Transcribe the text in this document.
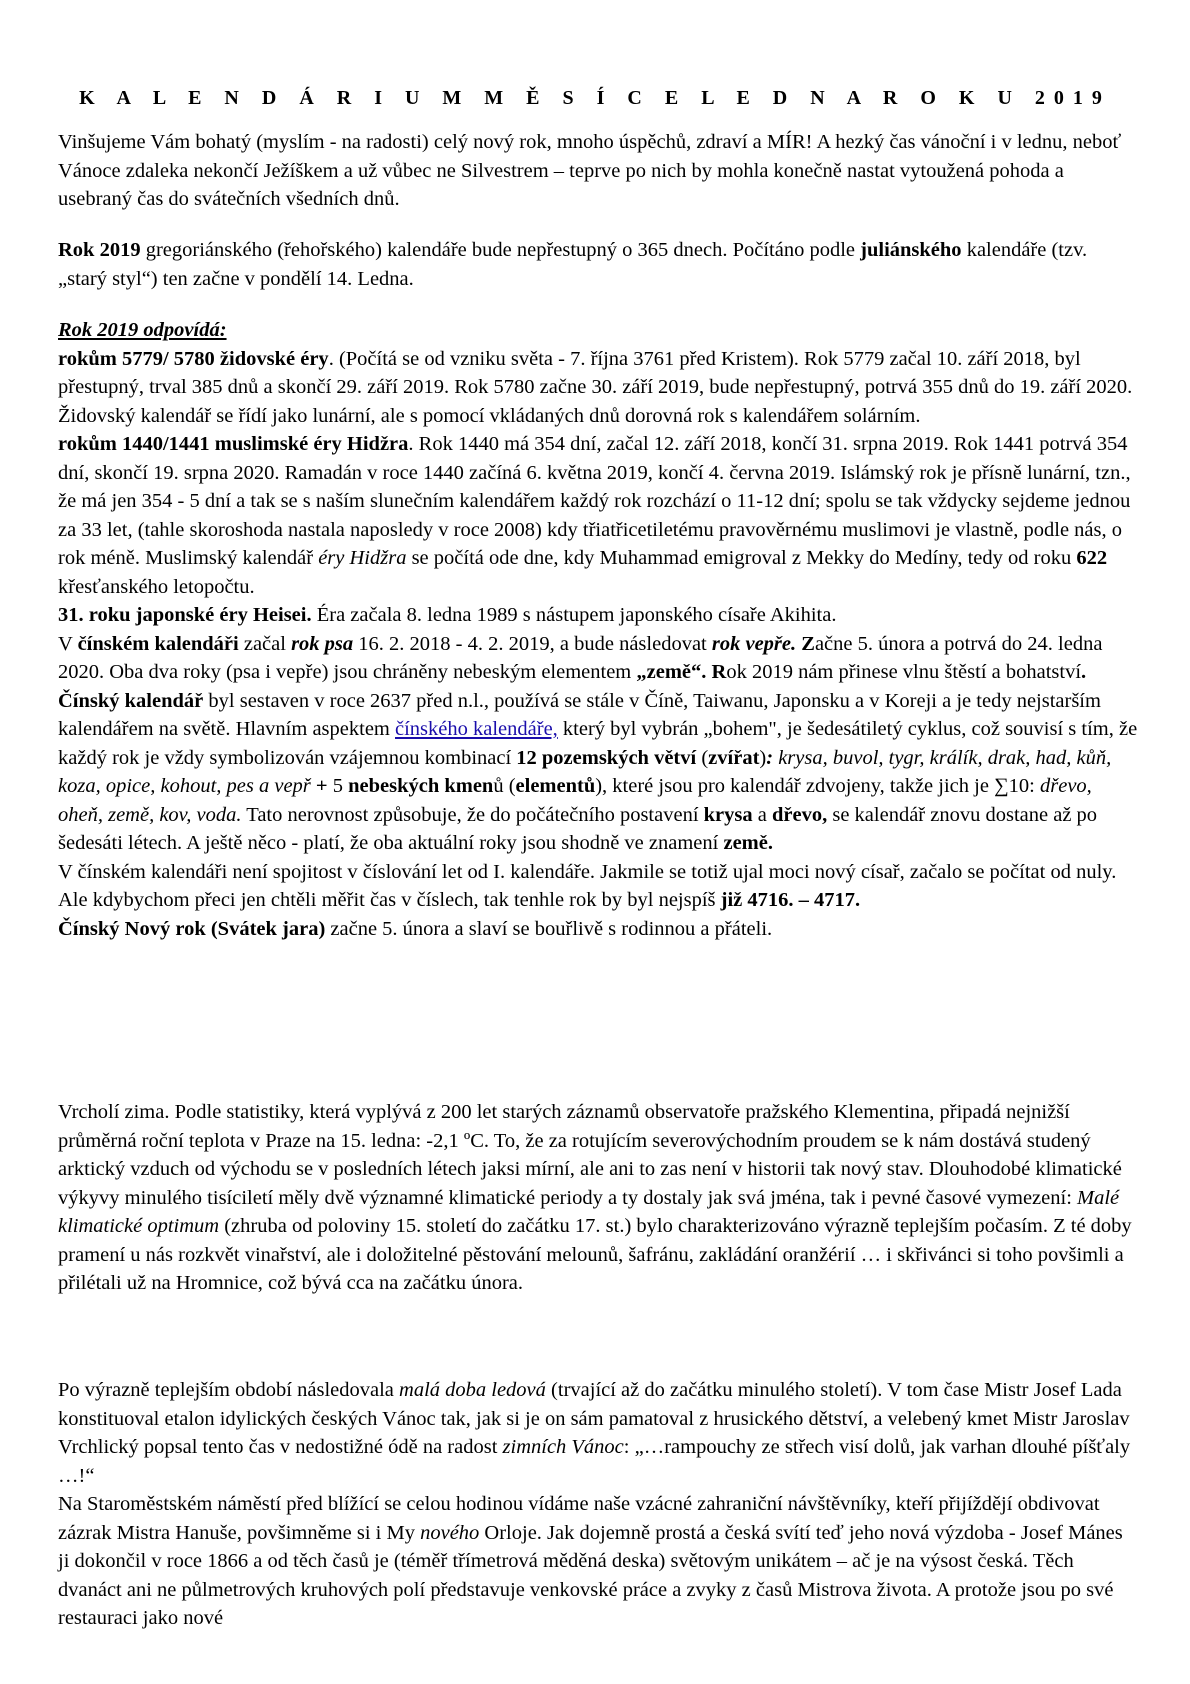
K A L E N D Á R I U M M Ě S Í C E L E D N A R O K U 2019

Vinšujeme Vám bohatý (myslím - na radosti) celý nový rok, mnoho úspěchů, zdraví a MÍR! A hezký čas vánoční i v lednu, neboť Vánoce zdaleka nekončí Ježíškem a už vůbec ne Silvestrem – teprve po nich by mohla konečně nastat vytoužená pohoda a usebraný čas do svátečních všedních dnů.

Rok 2019 gregoriánského (řehořského) kalendáře bude nepřestupný o 365 dnech. Počítáno podle juliánského kalendáře (tzv. „starý styl“) ten začne v pondělí 14. Ledna.

Rok 2019 odpovídá:

rokům 5779/ 5780 židovské éry. (Počítá se od vzniku světa - 7. října 3761 před Kristem). Rok 5779 začal 10. září 2018, byl přestupný, trval 385 dnů a skončí 29. září 2019. Rok 5780 začne 30. září 2019, bude nepřestupný, potrvá 355 dnů do 19. září 2020. Židovský kalendář se řídí jako lunární, ale s pomocí vkládaných dnů dorovná rok s kalendářem solárním.

rokům 1440/1441 muslimské éry Hidžra. Rok 1440 má 354 dní, začal 12. září 2018, končí 31. srpna 2019. Rok 1441 potrvá 354 dní, skončí 19. srpna 2020. Ramadán v roce 1440 začíná 6. května 2019, končí 4. června 2019. Islámský rok je přísně lunární, tzn., že má jen 354 - 5 dní a tak se s naším slunečním kalendářem každý rok rozchází o 11-12 dní; spolu se tak vždycky sejdeme jednou za 33 let, (tahle skoroshoda nastala naposledy v roce 2008) kdy třiatřicetiletému pravověrnému muslimovi je vlastně, podle nás, o rok méně. Muslimský kalendář éry Hidžra se počítá ode dne, kdy Muhammad emigroval z Mekky do Medíny, tedy od roku 622 křesťanského letopočtu.

31. roku japonské éry Heisei. Éra začala 8. ledna 1989 s nástupem japonského císaře Akihita.

V čínském kalendáři začal rok psa 16. 2. 2018 - 4. 2. 2019, a bude následovat rok vepře. Začne 5. února a potrvá do 24. ledna 2020. Oba dva roky (psa i vepře) jsou chráněny nebeským elementem „země“. Rok 2019 nám přinese vlnu štěstí a bohatství.

Čínský kalendář byl sestaven v roce 2637 před n.l., používá se stále v Číně, Taiwanu, Japonsku a v Koreji a je tedy nejstarším kalendářem na světě. Hlavním aspektem čínského kalendáře, který byl vybrán „bohem", je šedesátiletý cyklus, což souvisí s tím, že každý rok je vždy symbolizován vzájemnou kombinací 12 pozemských větví (zvířat): krysa, buvol, tygr, králík, drak, had, kůň, koza, opice, kohout, pes a vepř + 5 nebeských kmenů (elementů), které jsou pro kalendář zdvojeny, takže jich je ∑10: dřevo, oheň, země, kov, voda. Tato nerovnost způsobuje, že do počátečního postavení krysa a dřevo, se kalendář znovu dostane až po šedesáti létech. A ještě něco - platí, že oba aktuální roky jsou shodně ve znamení země.

V čínském kalendáři není spojitost v číslování let od I. kalendáře. Jakmile se totiž ujal moci nový císař, začalo se počítat od nuly. Ale kdybychom přeci jen chtěli měřit čas v číslech, tak tenhle rok by byl nejspíš již 4716. – 4717.

Čínský Nový rok (Svátek jara) začne 5. února a slaví se bouřlivě s rodinnou a přáteli.

Vrcholí zima. Podle statistiky, která vyplývá z 200 let starých záznamů observatoře pražského Klementina, připadá nejnižší průměrná roční teplota v Praze na 15. ledna: -2,1 ºC. To, že za rotujícím severovýchodním proudem se k nám dostává studený arktický vzduch od východu se v posledních létech jaksi mírní, ale ani to zas není v historii tak nový stav. Dlouhodobé klimatické výkyvy minulého tisíciletí měly dvě významné klimatické periody a ty dostaly jak svá jména, tak i pevné časové vymezení: Malé klimatické optimum (zhruba od poloviny 15. století do začátku 17. st.) bylo charakterizováno výrazně teplejším počasím. Z té doby pramení u nás rozkvět vinařství, ale i doložitelné pěstování melounů, šafránu, zakládání oranžérií … i skřivánci si toho povšimli a přilétali už na Hromnice, což bývá cca na začátku února.

Po výrazně teplejším období následovala malá doba ledová (trvající až do začátku minulého století). V tom čase Mistr Josef Lada konstituoval etalon idylických českých Vánoc tak, jak si je on sám pamatoval z hrusického dětství, a velebený kmet Mistr Jaroslav Vrchlický popsal tento čas v nedostižné ódě na radost zimních Vánoc: „…rampouchy ze střech visí dolů, jak varhan dlouhé píšťaly …!“

Na Staroměstském náměstí před blížící se celou hodinou vídáme naše vzácné zahraniční návštěvníky, kteří přijíždějí obdivovat zázrak Mistra Hanuše, povšimněme si i My nového Orloje. Jak dojemně prostá a česká svítí teď jeho nová výzdoba - Josef Mánes ji dokončil v roce 1866 a od těch časů je (téměř třímetrová měděná deska) světovým unikátem – ač je na výsost česká. Těch dvanáct ani ne půlmetrových kruhových polí představuje venkovské práce a zvyky z časů Mistrova života. A protože jsou po své restauraci jako nové
